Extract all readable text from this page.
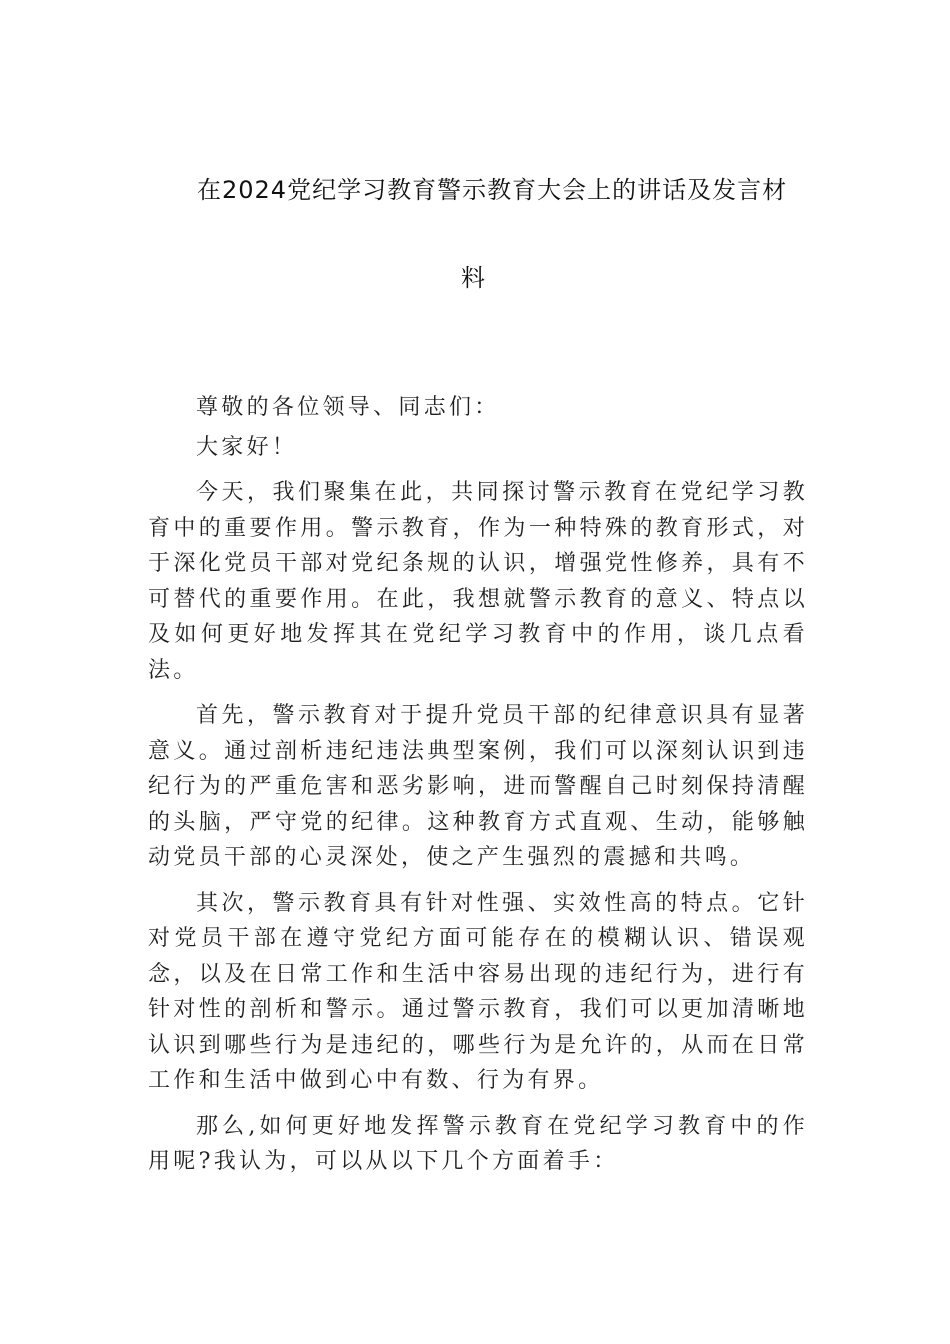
在2024党纪学习教育警示教育大会上的讲话及发言材
料

尊敬的各位领导、同志们：

大家好！

今天，我们聚集在此，共同探讨警示教育在党纪学习教育中的重要作用。警示教育，作为一种特殊的教育形式，对于深化党员干部对党纪条规的认识，增强党性修养，具有不可替代的重要作用。在此，我想就警示教育的意义、特点以及如何更好地发挥其在党纪学习教育中的作用，谈几点看法。

首先，警示教育对于提升党员干部的纪律意识具有显著意义。通过剖析违纪违法典型案例，我们可以深刻认识到违纪行为的严重危害和恶劣影响，进而警醒自己时刻保持清醒的头脑，严守党的纪律。这种教育方式直观、生动，能够触动党员干部的心灵深处，使之产生强烈的震撼和共鸣。

其次，警示教育具有针对性强、实效性高的特点。它针对党员干部在遵守党纪方面可能存在的模糊认识、错误观念，以及在日常工作和生活中容易出现的违纪行为，进行有针对性的剖析和警示。通过警示教育，我们可以更加清晰地认识到哪些行为是违纪的，哪些行为是允许的，从而在日常工作和生活中做到心中有数、行为有界。

那么,如何更好地发挥警示教育在党纪学习教育中的作用呢?我认为，可以从以下几个方面着手：
